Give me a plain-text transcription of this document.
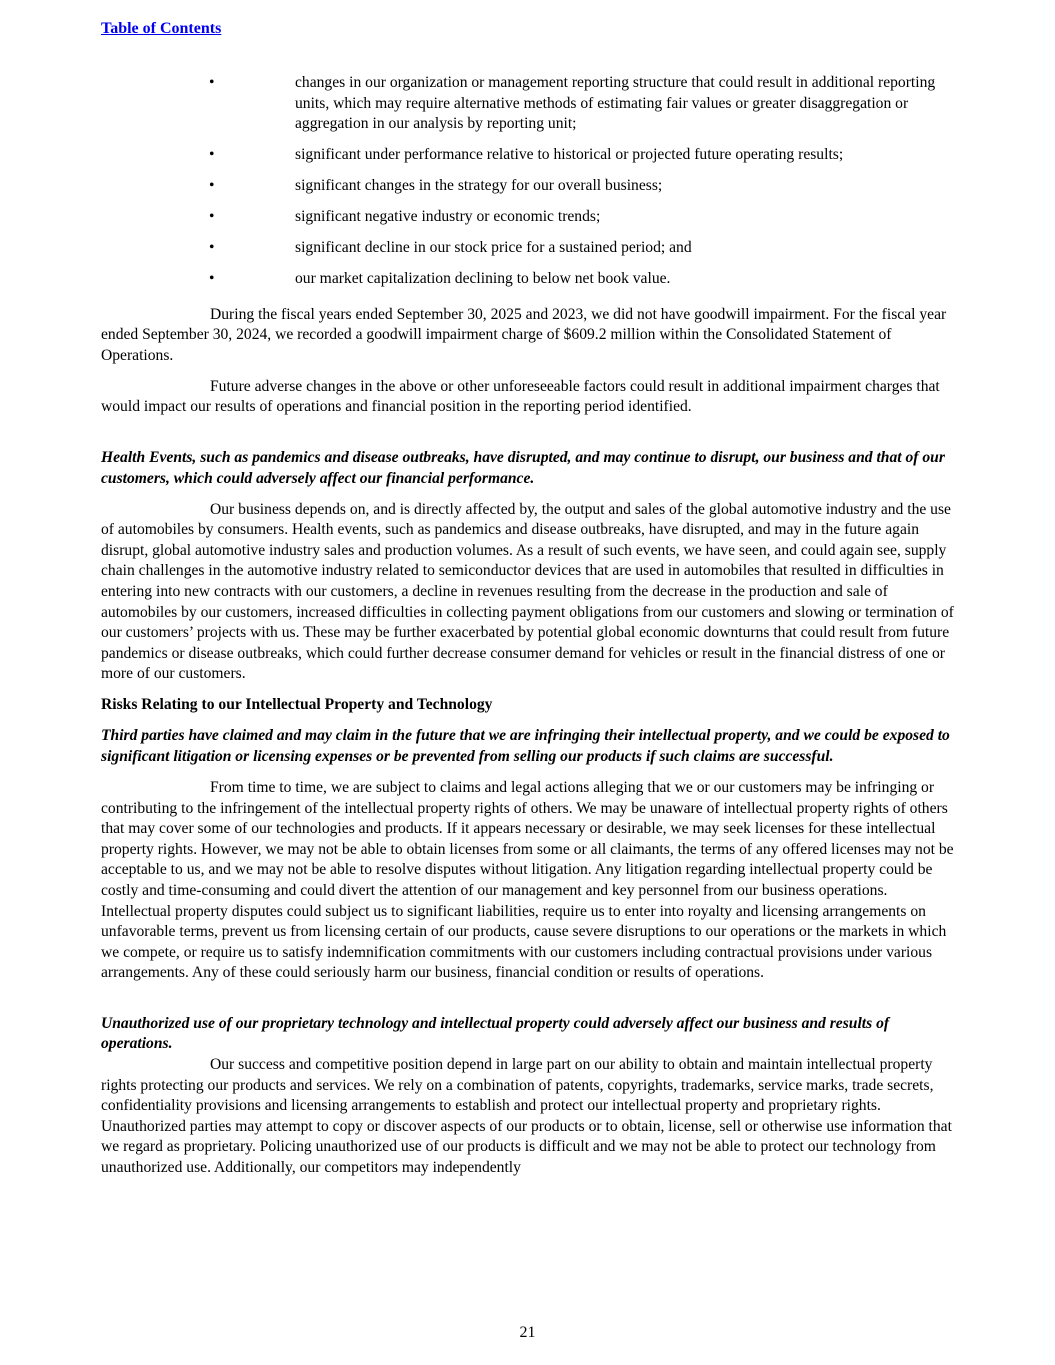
Table of Contents
•	changes in our organization or management reporting structure that could result in additional reporting units, which may require alternative methods of estimating fair values or greater disaggregation or aggregation in our analysis by reporting unit;
•	significant under performance relative to historical or projected future operating results;
•	significant changes in the strategy for our overall business;
•	significant negative industry or economic trends;
•	significant decline in our stock price for a sustained period; and
•	our market capitalization declining to below net book value.

During the fiscal years ended September 30, 2025 and 2023, we did not have goodwill impairment. For the fiscal year ended September 30, 2024, we recorded a goodwill impairment charge of $609.2 million within the Consolidated Statement of Operations.

Future adverse changes in the above or other unforeseeable factors could result in additional impairment charges that would impact our results of operations and financial position in the reporting period identified.

Health Events, such as pandemics and disease outbreaks, have disrupted, and may continue to disrupt, our business and that of our customers, which could adversely affect our financial performance.

Our business depends on, and is directly affected by, the output and sales of the global automotive industry and the use of automobiles by consumers. Health events, such as pandemics and disease outbreaks, have disrupted, and may in the future again disrupt, global automotive industry sales and production volumes. As a result of such events, we have seen, and could again see, supply chain challenges in the automotive industry related to semiconductor devices that are used in automobiles that resulted in difficulties in entering into new contracts with our customers, a decline in revenues resulting from the decrease in the production and sale of automobiles by our customers, increased difficulties in collecting payment obligations from our customers and slowing or termination of our customers’ projects with us. These may be further exacerbated by potential global economic downturns that could result from future pandemics or disease outbreaks, which could further decrease consumer demand for vehicles or result in the financial distress of one or more of our customers.

Risks Relating to our Intellectual Property and Technology
Third parties have claimed and may claim in the future that we are infringing their intellectual property, and we could be exposed to significant litigation or licensing expenses or be prevented from selling our products if such claims are successful.

From time to time, we are subject to claims and legal actions alleging that we or our customers may be infringing or contributing to the infringement of the intellectual property rights of others. We may be unaware of intellectual property rights of others that may cover some of our technologies and products. If it appears necessary or desirable, we may seek licenses for these intellectual property rights. However, we may not be able to obtain licenses from some or all claimants, the terms of any offered licenses may not be acceptable to us, and we may not be able to resolve disputes without litigation. Any litigation regarding intellectual property could be costly and time-consuming and could divert the attention of our management and key personnel from our business operations. Intellectual property disputes could subject us to significant liabilities, require us to enter into royalty and licensing arrangements on unfavorable terms, prevent us from licensing certain of our products, cause severe disruptions to our operations or the markets in which we compete, or require us to satisfy indemnification commitments with our customers including contractual provisions under various arrangements. Any of these could seriously harm our business, financial condition or results of operations.

Unauthorized use of our proprietary technology and intellectual property could adversely affect our business and results of operations.

Our success and competitive position depend in large part on our ability to obtain and maintain intellectual property rights protecting our products and services. We rely on a combination of patents, copyrights, trademarks, service marks, trade secrets, confidentiality provisions and licensing arrangements to establish and protect our intellectual property and proprietary rights. Unauthorized parties may attempt to copy or discover aspects of our products or to obtain, license, sell or otherwise use information that we regard as proprietary. Policing unauthorized use of our products is difficult and we may not be able to protect our technology from unauthorized use. Additionally, our competitors may independently

21
